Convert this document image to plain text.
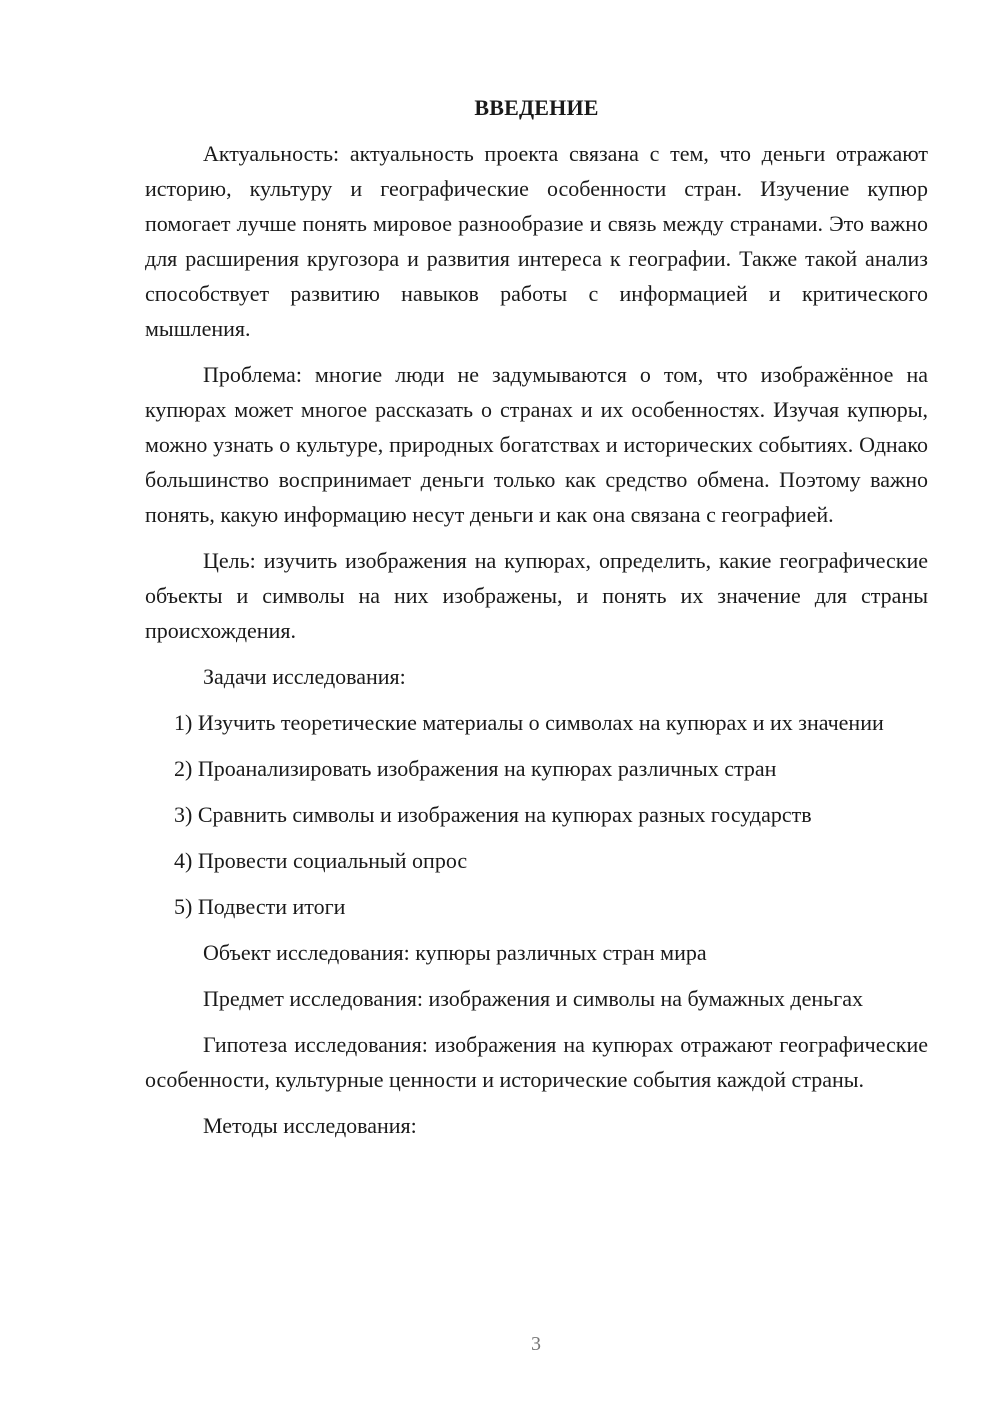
ВВЕДЕНИЕ
Актуальность: актуальность проекта связана с тем, что деньги отражают историю, культуру и географические особенности стран. Изучение купюр помогает лучше понять мировое разнообразие и связь между странами. Это важно для расширения кругозора и развития интереса к географии. Также такой анализ способствует развитию навыков работы с информацией и критического мышления.
Проблема: многие люди не задумываются о том, что изображённое на купюрах может многое рассказать о странах и их особенностях. Изучая купюры, можно узнать о культуре, природных богатствах и исторических событиях. Однако большинство воспринимает деньги только как средство обмена. Поэтому важно понять, какую информацию несут деньги и как она связана с географией.
Цель: изучить изображения на купюрах, определить, какие географические объекты и символы на них изображены, и понять их значение для страны происхождения.
Задачи исследования:
1) Изучить теоретические материалы о символах на купюрах и их значении
2) Проанализировать изображения на купюрах различных стран
3) Сравнить символы и изображения на купюрах разных государств
4) Провести социальный опрос
5) Подвести итоги
Объект исследования: купюры различных стран мира
Предмет исследования: изображения и символы на бумажных деньгах
Гипотеза исследования: изображения на купюрах отражают географические особенности, культурные ценности и исторические события каждой страны.
Методы исследования:
3
